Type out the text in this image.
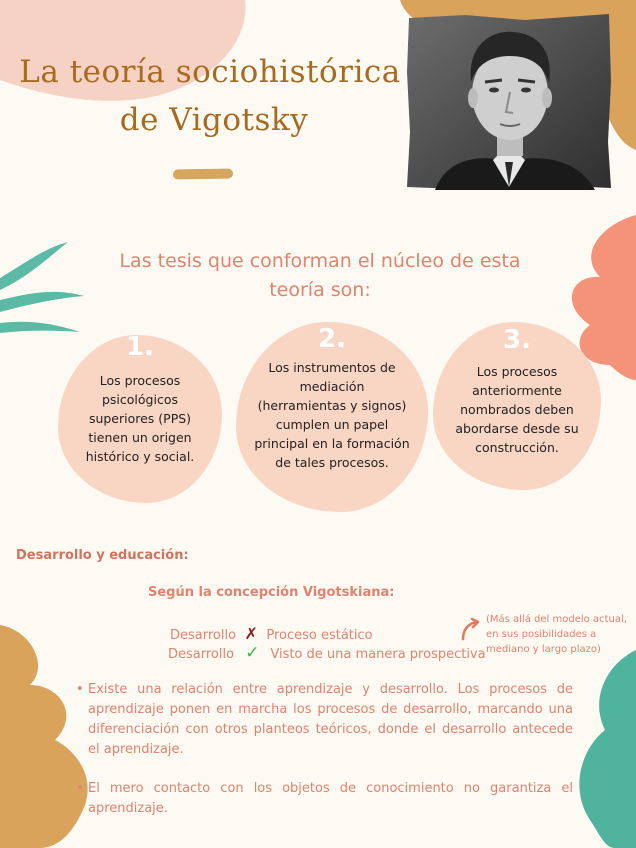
La teoría sociohistórica
de Vigotsky
Las tesis que conforman el núcleo de esta teoría son:
1.
Los procesos psicológicos superiores (PPS) tienen un origen histórico y social.
2.
Los instrumentos de mediación (herramientas y signos) cumplen un papel principal en la formación de tales procesos.
3.
Los procesos anteriormente nombrados deben abordarse desde su construcción.
Desarrollo y educación:
Según la concepción Vigotskiana:
Desarrollo ✗ Proceso estático
Desarrollo ✓ Visto de una manera prospectiva
(Más allá del modelo actual, en sus posibilidades a mediano y largo plazo)
• Existe una relación entre aprendizaje y desarrollo. Los procesos de aprendizaje ponen en marcha los procesos de desarrollo, marcando una diferenciación con otros planteos teóricos, donde el desarrollo antecede el aprendizaje.
• El mero contacto con los objetos de conocimiento no garantiza el aprendizaje.
